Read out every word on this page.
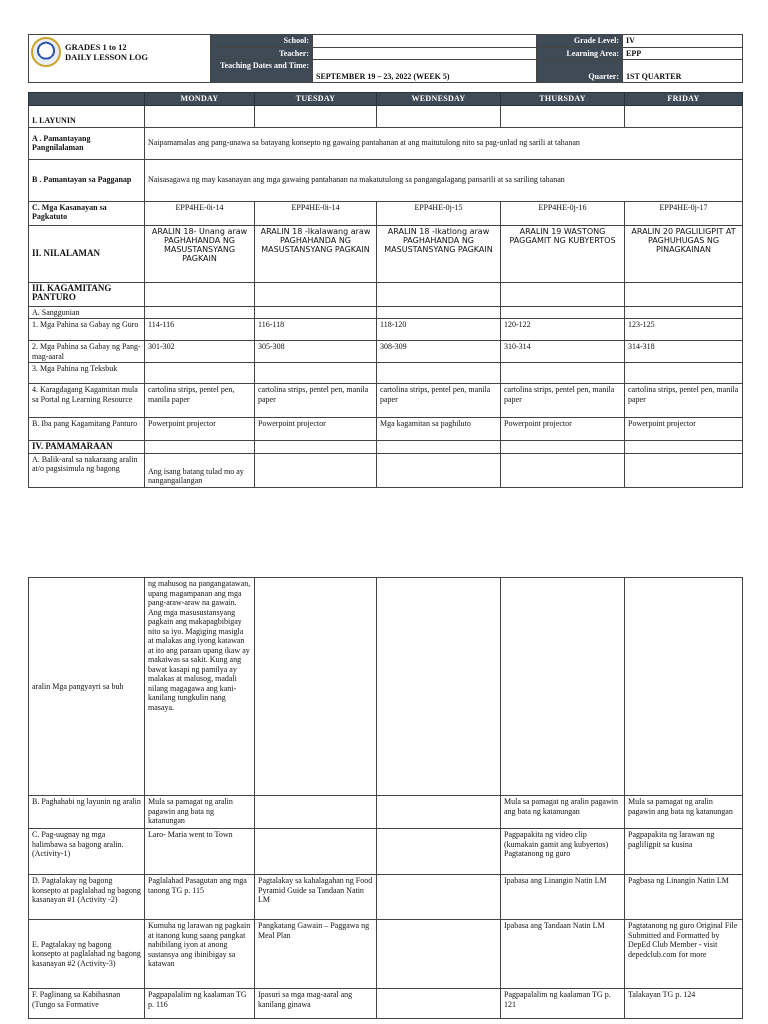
GRADES 1 to 12
DAILY LESSON LOG	School:		Grade Level:	IV
	Teacher:		Learning Area:	EPP
	Teaching Dates and Time:	SEPTEMBER 19 – 23, 2022 (WEEK 5)	Quarter:	1ST QUARTER
	MONDAY	TUESDAY	WEDNESDAY	THURSDAY	FRIDAY
I. LAYUNIN					
A . Pamantayang Pangnilalaman	Naipamamalas ang pang-unawa sa batayang konsepto ng gawaing pantahanan at ang maitutulong nito sa pag-unlad ng sarili at tahanan				
B . Pamantayan sa Pagganap	Naisasagawa ng may kasanayan ang mga gawaing pantahanan na makatutulong sa pangangalagang pansarili at sa sariling tahanan				
C. Mga Kasanayan sa Pagkatuto	EPP4HE-0i-14	EPP4HE-0i-14	EPP4HE-0j-15	EPP4HE-0j-16	EPP4HE-0j-17
II. NILALAMAN	ARALIN 18- Unang araw PAGHAHANDA NG MASUSTANSYANG PAGKAIN	ARALIN 18 -Ikalawang araw PAGHAHANDA NG MASUSTANSYANG PAGKAIN	ARALIN 18 -Ikatlong araw PAGHAHANDA NG MASUSTANSYANG PAGKAIN	ARALIN 19 WASTONG PAGGAMIT NG KUBYERTOS	ARALIN 20 PAGLILIGPIT AT PAGHUHUGAS NG PINAGKAINAN
III. KAGAMITANG PANTURO					
A. Sanggunian					
1. Mga Pahina sa Gabay ng Guro	114-116	116-118	118-120	120-122	123-125
2. Mga Pahina sa Gabay ng Pang-mag-aaral	301-302	305-308	308-309	310-314	314-318
3. Mga Pahina ng Teksbuk					
4. Karagdagang Kagamitan mula sa Portal ng Learning Resource	cartolina strips, pentel pen, manila paper	cartolina strips, pentel pen, manila paper	cartolina strips, pentel pen, manila paper	cartolina strips, pentel pen, manila paper	cartolina strips, pentel pen, manila paper
B. Iba pang Kagamitang Panturo	Powerpoint projector	Powerpoint projector	Mga kagamitan sa paghiluto	Powerpoint projector	Powerpoint projector
IV. PAMAMARAAN					
A. Balik-aral sa nakaraang aralin at/o pagsisimula ng bagong	Ang isang batang tulad mo ay nangangailangan				
aralin Mga pangyayri sa buh	ng mahusog na pangangatawan, upang magampanan ang mga pang-araw-araw na gawain. Ang mga masusustansyang pagkain ang makapagbibigay nito sa iyo. Magiging masigla at malakas ang iyong katawan at ito ang paraan upang ikaw ay makaiwas sa sakit. Kung ang bawat kasapi ng pamilya ay malakas at malusog, madali nilang magagawa ang kani-kanilang tungkulin nang masaya.				
B. Paghahabi ng layunin ng aralin	Mula sa pamagat ng aralin pagawin ang bata ng katanungan			Mula sa pamagat ng aralin pagawin ang bata ng katanungan	Mula sa pamagat ng aralin pagawin ang bata ng katanungan
C. Pag-uugnay ng mga halimbawa sa bagong aralin. (Activity-1)	Laro- Maria went to Town			Pagpapakita ng video clip (kumakain gamit ang kubyertos) Pagtatanong ng guro	Pagpapakita ng larawan ng pagliligpit sa kusina
D. Pagtalakay ng bagong konsepto at paglalahad ng bagong kasanayan #1 (Activity -2)	Paglalahad Pasagutan ang mga tanong TG p. 115	Pagtalakay sa kahalagahan ng Food Pyramid Guide sa Tandaan Natin LM		Ipabasa ang Linangin Natin LM	Pagbasa ng Linangin Natin LM
E. Pagtalakay ng bagong konsepto at paglalahad ng bagong kasanayan #2 (Activity-3)	Kumuha ng larawan ng pagkain at itanong kung saang pangkat nabibilang iyon at anong sustansya ang ibinibigay sa katawan	Pangkatang Gawain – Paggawa ng Meal Plan		Ipabasa ang Tandaan Natin LM	Pagtatanong ng guro Original File Submitted and Formatted by DepEd Club Member - visit depedclub.com for more
F. Paglinang sa Kabihasnan (Tungo sa Formative	Pagpapalalim ng kaalaman TG p. 116	Ipasuri sa mga mag-aaral ang kanilang ginawa		Pagpapalalim ng kaalaman TG p. 121	Talakayan TG p. 124
